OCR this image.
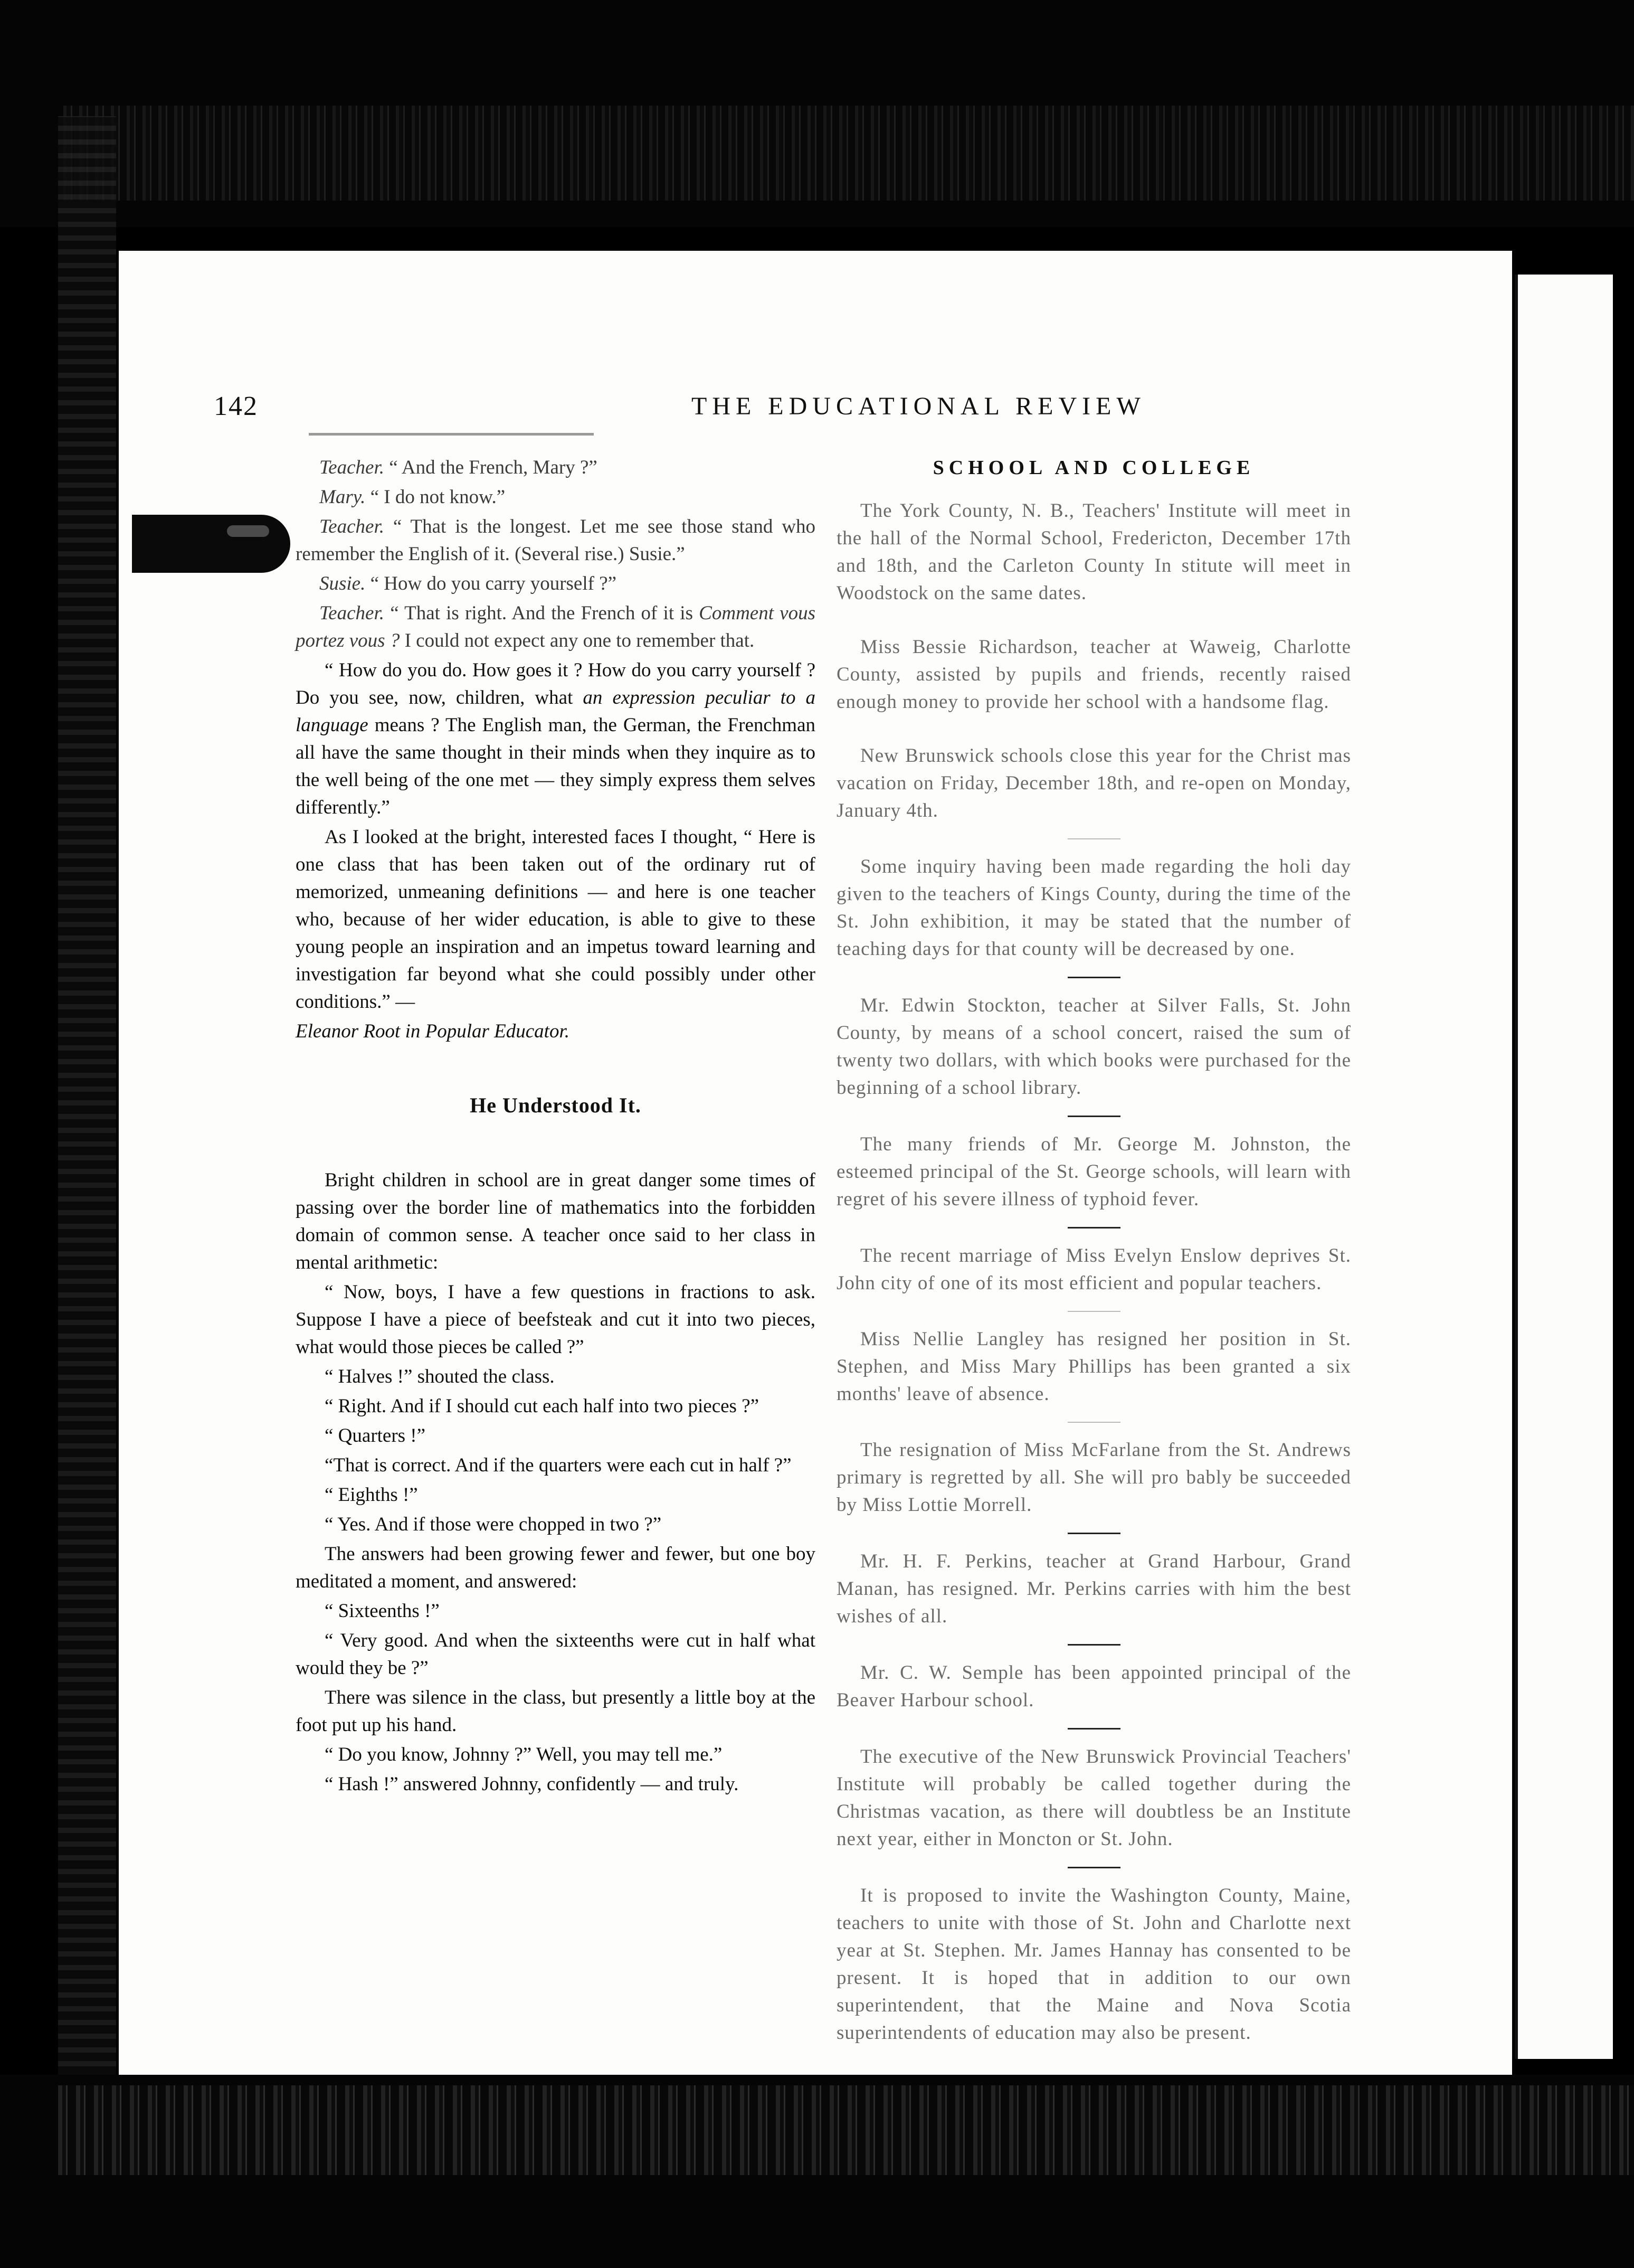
142	THE EDUCATIONAL REVIEW

Teacher. “ And the French, Mary ?”

Mary. “ I do not know.”

Teacher. “ That is the longest. Let me see those stand who remember the English of it. (Several rise.) Susie.”

Susie. “ How do you carry yourself ?”

Teacher. “ That is right. And the French of it is Comment vous portez vous ? I could not expect any one to remember that.

“ How do you do. How goes it ? How do you carry yourself ? Do you see, now, children, what an expression peculiar to a language means ? The English man, the German, the Frenchman all have the same thought in their minds when they inquire as to the well being of the one met — they simply express them selves differently.”

As I looked at the bright, interested faces I thought, “ Here is one class that has been taken out of the ordinary rut of memorized, unmeaning definitions — and here is one teacher who, because of her wider education, is able to give to these young people an inspiration and an impetus toward learning and investigation far beyond what she could possibly under other conditions.” —

Eleanor Root in Popular Educator.

He Understood It.

Bright children in school are in great danger some times of passing over the border line of mathematics into the forbidden domain of common sense. A teacher once said to her class in mental arithmetic:

“ Now, boys, I have a few questions in fractions to ask. Suppose I have a piece of beefsteak and cut it into two pieces, what would those pieces be called ?”

“ Halves !” shouted the class.

“ Right. And if I should cut each half into two pieces ?”

“ Quarters !”

“That is correct. And if the quarters were each cut in half ?”

“ Eighths !”

“ Yes. And if those were chopped in two ?”

The answers had been growing fewer and fewer, but one boy meditated a moment, and answered:

“ Sixteenths !”

“ Very good. And when the sixteenths were cut in half what would they be ?”

There was silence in the class, but presently a little boy at the foot put up his hand.

“ Do you know, Johnny ?” Well, you may tell me.”

“ Hash !” answered Johnny, confidently — and truly.

SCHOOL AND COLLEGE

The York County, N. B., Teachers' Institute will meet in the hall of the Normal School, Fredericton, December 17th and 18th, and the Carleton County In stitute will meet in Woodstock on the same dates.

Miss Bessie Richardson, teacher at Waweig, Charlotte County, assisted by pupils and friends, recently raised enough money to provide her school with a handsome flag.

New Brunswick schools close this year for the Christ mas vacation on Friday, December 18th, and re-open on Monday, January 4th.

Some inquiry having been made regarding the holi day given to the teachers of Kings County, during the time of the St. John exhibition, it may be stated that the number of teaching days for that county will be decreased by one.

Mr. Edwin Stockton, teacher at Silver Falls, St. John County, by means of a school concert, raised the sum of twenty two dollars, with which books were purchased for the beginning of a school library.

The many friends of Mr. George M. Johnston, the esteemed principal of the St. George schools, will learn with regret of his severe illness of typhoid fever.

The recent marriage of Miss Evelyn Enslow deprives St. John city of one of its most efficient and popular teachers.

Miss Nellie Langley has resigned her position in St. Stephen, and Miss Mary Phillips has been granted a six months' leave of absence.

The resignation of Miss McFarlane from the St. Andrews primary is regretted by all. She will pro bably be succeeded by Miss Lottie Morrell.

Mr. H. F. Perkins, teacher at Grand Harbour, Grand Manan, has resigned. Mr. Perkins carries with him the best wishes of all.

Mr. C. W. Semple has been appointed principal of the Beaver Harbour school.

The executive of the New Brunswick Provincial Teachers' Institute will probably be called together during the Christmas vacation, as there will doubtless be an Institute next year, either in Moncton or St. John.

It is proposed to invite the Washington County, Maine, teachers to unite with those of St. John and Charlotte next year at St. Stephen. Mr. James Hannay has consented to be present. It is hoped that in addition to our own superintendent, that the Maine and Nova Scotia superintendents of education may also be present.
